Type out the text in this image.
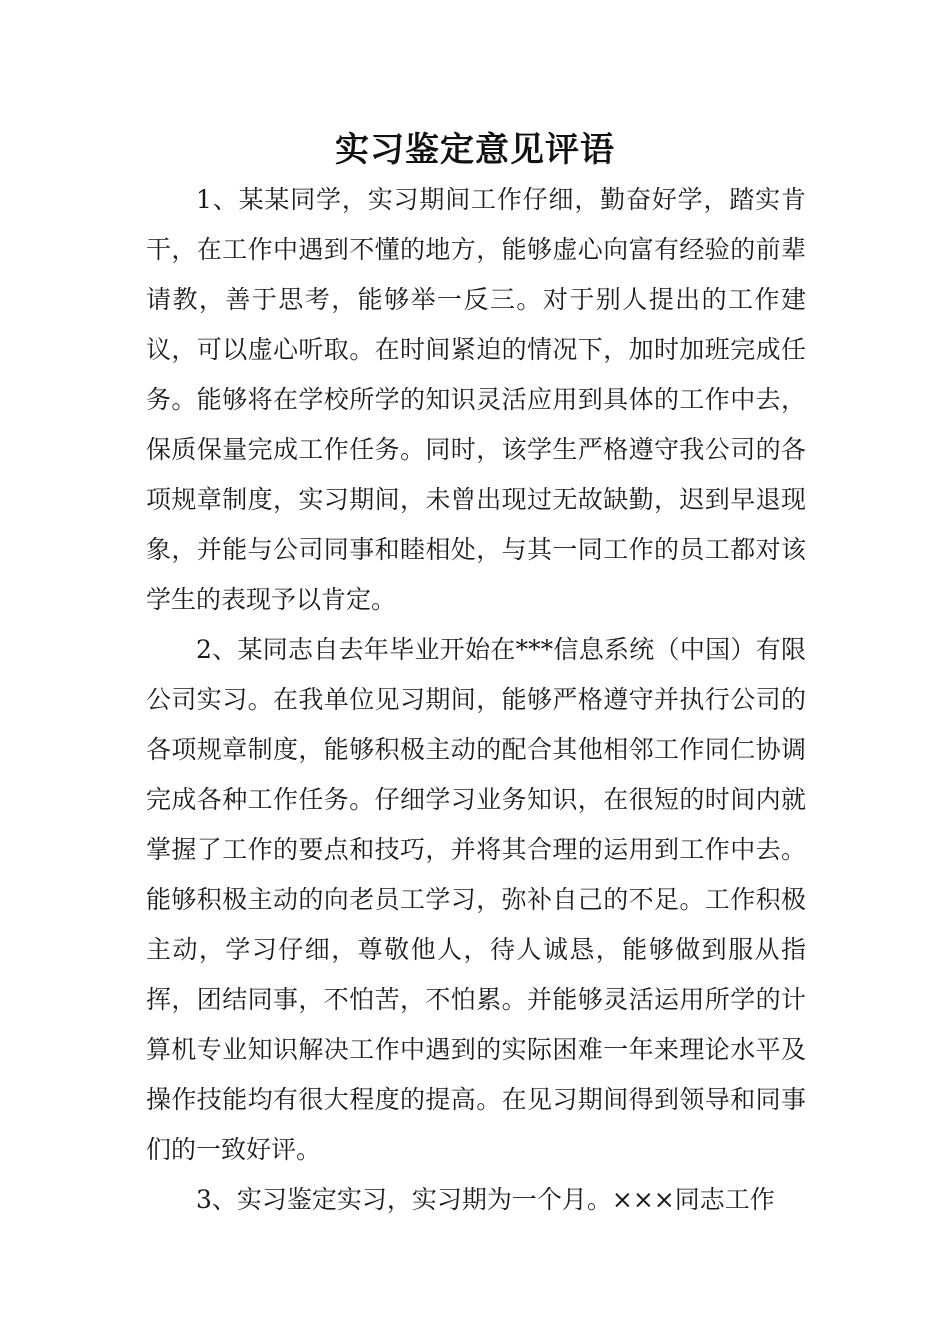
实习鉴定意见评语

1、某某同学，实习期间工作仔细，勤奋好学，踏实肯干，在工作中遇到不懂的地方，能够虚心向富有经验的前辈请教，善于思考，能够举一反三。对于别人提出的工作建议，可以虚心听取。在时间紧迫的情况下，加时加班完成任务。能够将在学校所学的知识灵活应用到具体的工作中去，保质保量完成工作任务。同时，该学生严格遵守我公司的各项规章制度，实习期间，未曾出现过无故缺勤，迟到早退现象，并能与公司同事和睦相处，与其一同工作的员工都对该学生的表现予以肯定。

2、某同志自去年毕业开始在***信息系统（中国）有限公司实习。在我单位见习期间，能够严格遵守并执行公司的各项规章制度，能够积极主动的配合其他相邻工作同仁协调完成各种工作任务。仔细学习业务知识，在很短的时间内就掌握了工作的要点和技巧，并将其合理的运用到工作中去。能够积极主动的向老员工学习，弥补自己的不足。工作积极主动，学习仔细，尊敬他人，待人诚恳，能够做到服从指挥，团结同事，不怕苦，不怕累。并能够灵活运用所学的计算机专业知识解决工作中遇到的实际困难一年来理论水平及操作技能均有很大程度的提高。在见习期间得到领导和同事们的一致好评。

3、实习鉴定实习，实习期为一个月。×××同志工作
